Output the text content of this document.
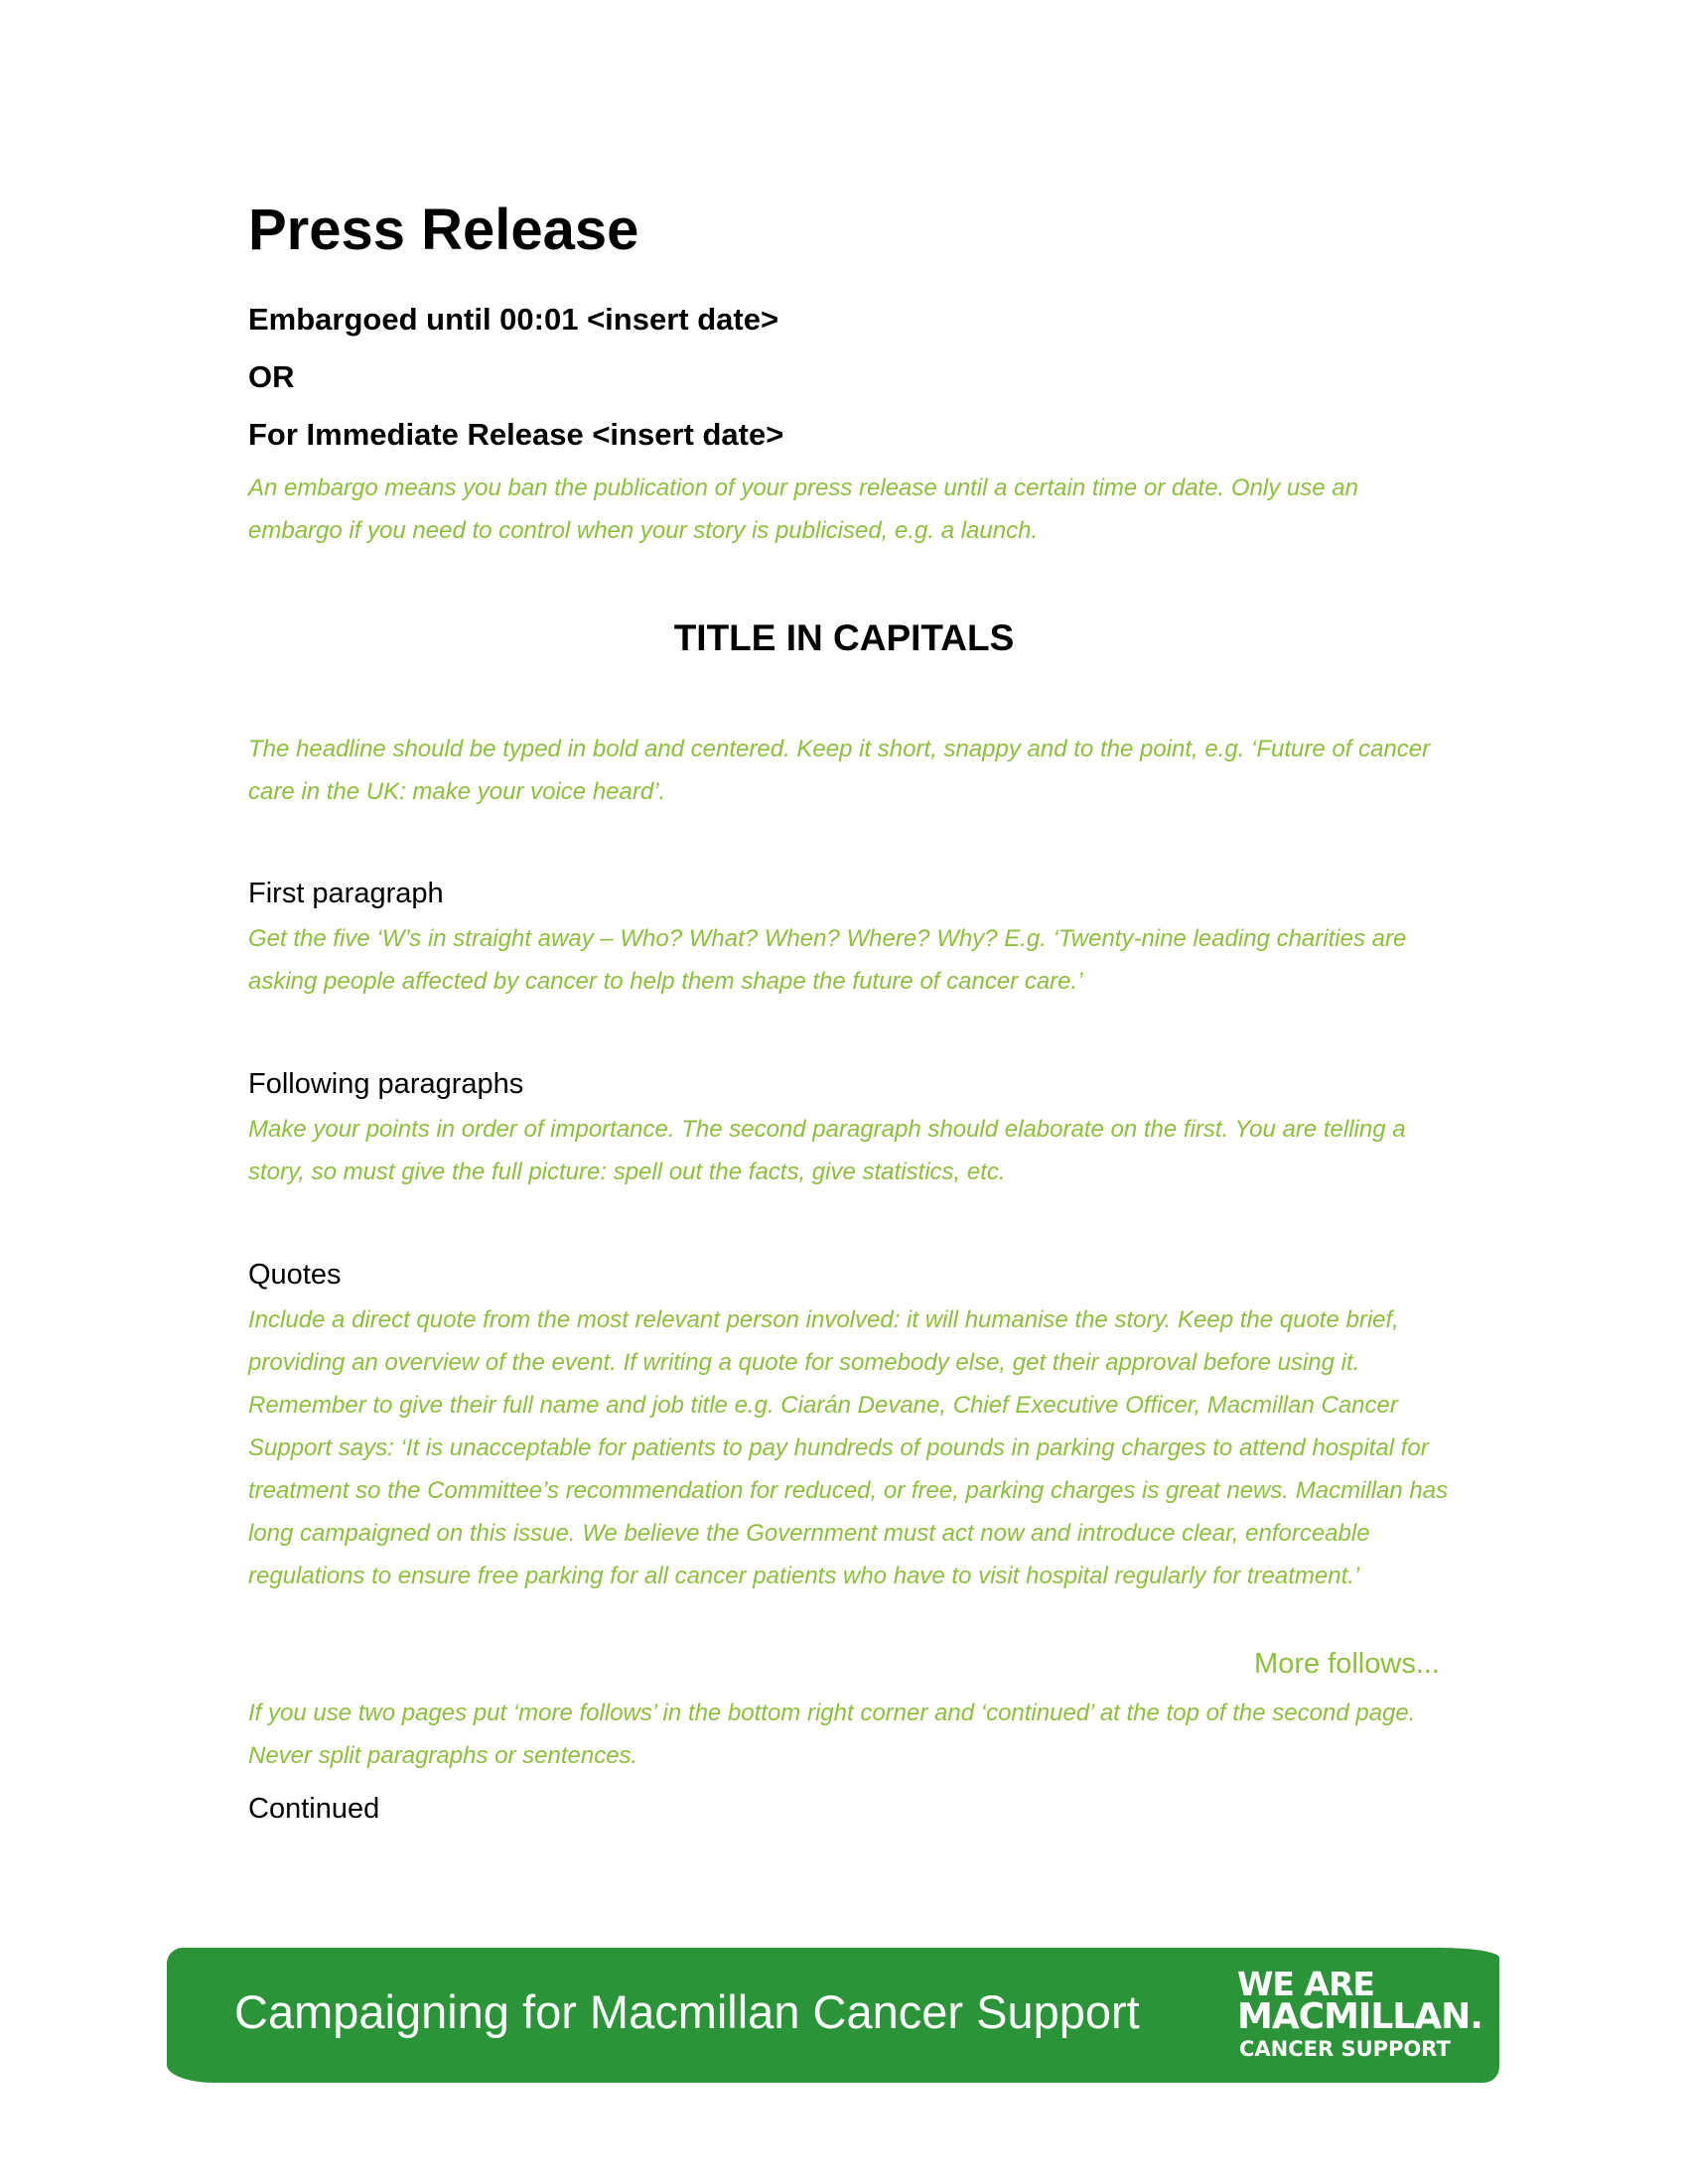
Press Release

Embargoed until 00:01 <insert date>

OR

For Immediate Release <insert date>

An embargo means you ban the publication of your press release until a certain time or date. Only use an embargo if you need to control when your story is publicised, e.g. a launch.

TITLE IN CAPITALS

The headline should be typed in bold and centered. Keep it short, snappy and to the point, e.g. ‘Future of cancer care in the UK: make your voice heard’.

First paragraph

Get the five ‘W’s in straight away – Who? What? When? Where? Why? E.g. ‘Twenty-nine leading charities are asking people affected by cancer to help them shape the future of cancer care.’

Following paragraphs

Make your points in order of importance. The second paragraph should elaborate on the first. You are telling a story, so must give the full picture: spell out the facts, give statistics, etc.

Quotes

Include a direct quote from the most relevant person involved: it will humanise the story. Keep the quote brief, providing an overview of the event. If writing a quote for somebody else, get their approval before using it. Remember to give their full name and job title e.g. Ciarán Devane, Chief Executive Officer, Macmillan Cancer Support says: ‘It is unacceptable for patients to pay hundreds of pounds in parking charges to attend hospital for treatment so the Committee’s recommendation for reduced, or free, parking charges is great news. Macmillan has long campaigned on this issue. We believe the Government must act now and introduce clear, enforceable regulations to ensure free parking for all cancer patients who have to visit hospital regularly for treatment.’

More follows...

If you use two pages put ‘more follows’ in the bottom right corner and ‘continued’ at the top of the second page. Never split paragraphs or sentences.

Continued

Campaigning for Macmillan Cancer Support
WE ARE
MACMILLAN.
CANCER SUPPORT
